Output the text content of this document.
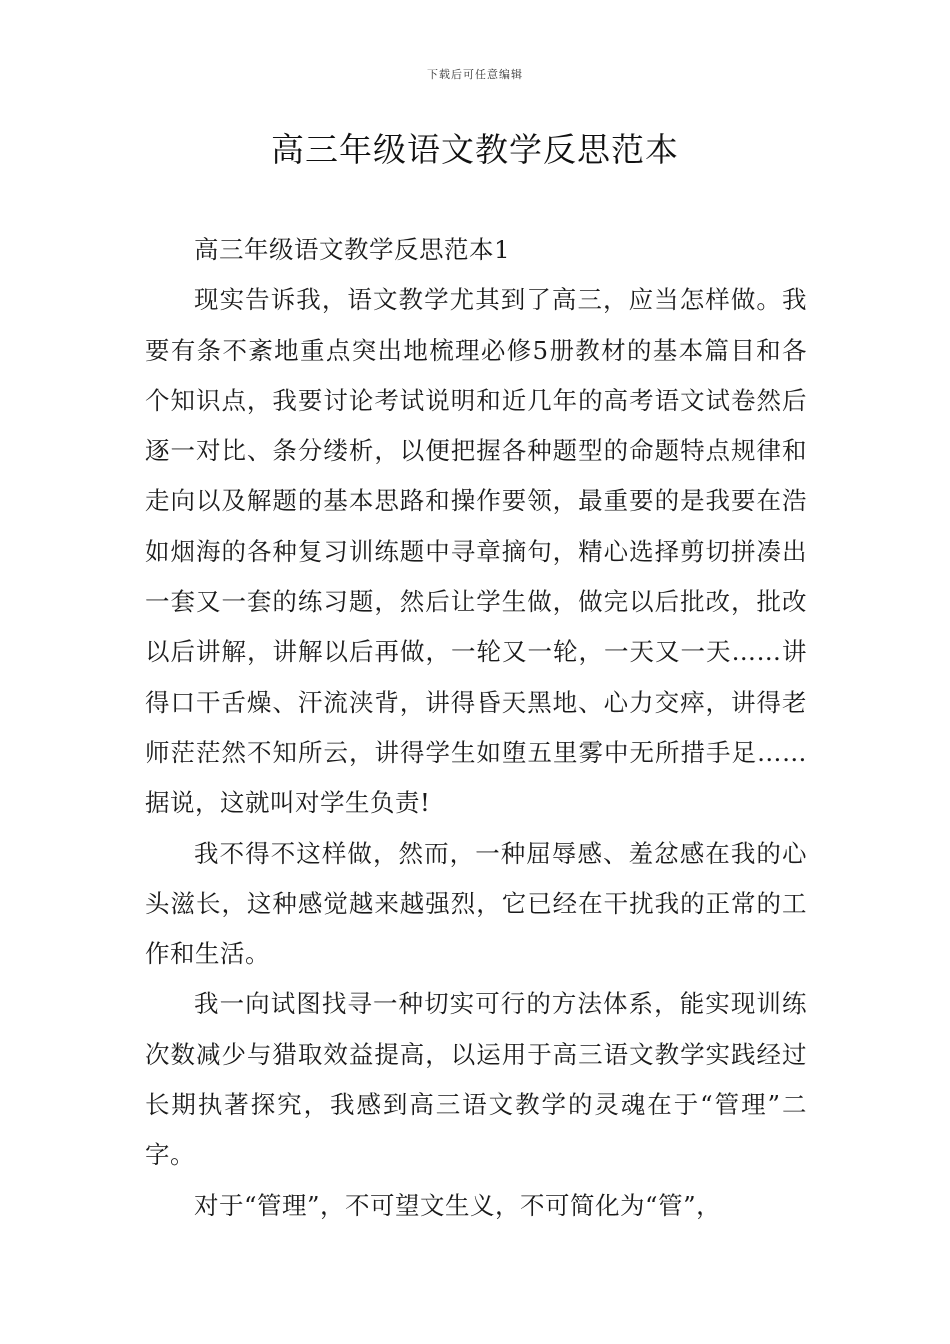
下载后可任意编辑
高三年级语文教学反思范本

高三年级语文教学反思范本1

现实告诉我，语文教学尤其到了高三，应当怎样做。我要有条不紊地重点突出地梳理必修5册教材的基本篇目和各个知识点，我要讨论考试说明和近几年的高考语文试卷然后逐一对比、条分缕析，以便把握各种题型的命题特点规律和走向以及解题的基本思路和操作要领，最重要的是我要在浩如烟海的各种复习训练题中寻章摘句，精心选择剪切拼凑出一套又一套的练习题，然后让学生做，做完以后批改，批改以后讲解，讲解以后再做，一轮又一轮，一天又一天……讲得口干舌燥、汗流浃背，讲得昏天黑地、心力交瘁，讲得老师茫茫然不知所云，讲得学生如堕五里雾中无所措手足……据说，这就叫对学生负责!

我不得不这样做，然而，一种屈辱感、羞忿感在我的心头滋长，这种感觉越来越强烈，它已经在干扰我的正常的工作和生活。

我一向试图找寻一种切实可行的方法体系，能实现训练次数减少与猎取效益提高，以运用于高三语文教学实践经过长期执著探究，我感到高三语文教学的灵魂在于“管理”二字。

对于“管理”，不可望文生义，不可简化为“管”，
